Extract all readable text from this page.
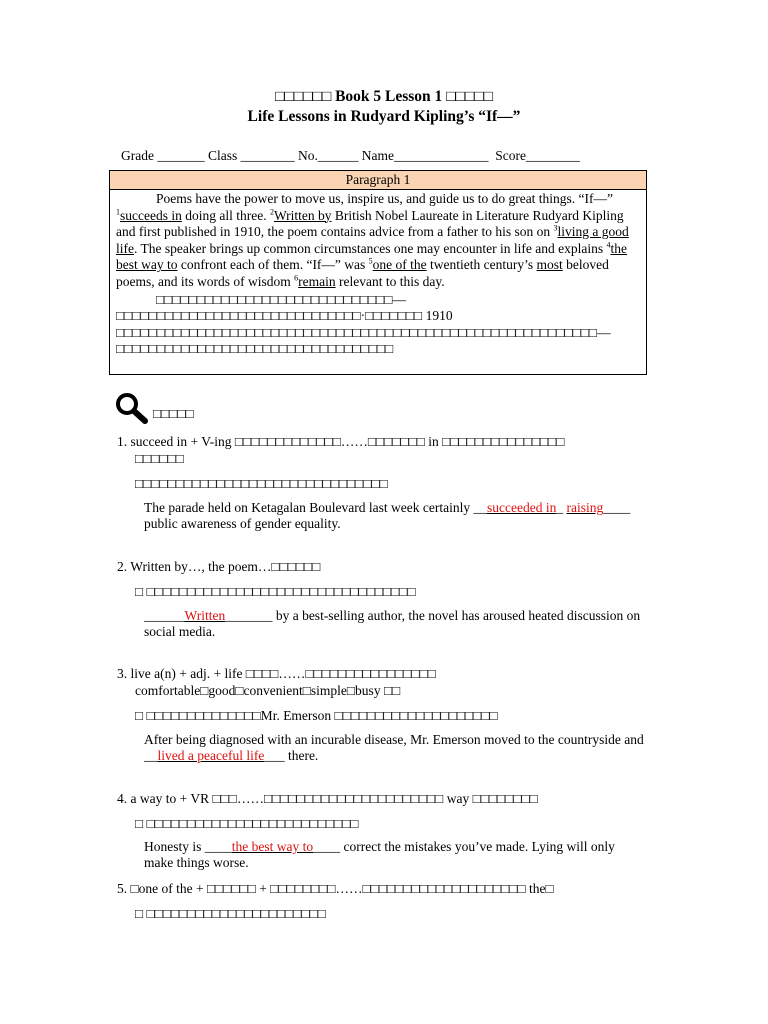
□□□□□□ Book 5 Lesson 1 □□□□□
Life Lessons in Rudyard Kipling’s “If—”
Grade _______ Class ________ No.______ Name______________  Score________
Paragraph 1
Poems have the power to move us, inspire us, and guide us to do great things. “If—” $^1$succeeds in doing all three. $^2$Written by British Nobel Laureate in Literature Rudyard Kipling and first published in 1910, the poem contains advice from a father to his son on $^3$living a good life. The speaker brings up common circumstances one may encounter in life and explains $^4$the best way to confront each of them. “If—” was $^5$one of the twentieth century’s most beloved poems, and its words of wisdom $^6$remain relevant to this day.
□□□□□□□□□□□□□□□□□□□□□□□□□□□□□—□□□□□□□□□□□□□□□□□□□□□□□□□□□□□□·□□□□□□□ 1910 □□□□□□□□□□□□□□□□□□□□□□□□□□□□□□□□□□□□□□□□□□□□□□□□□□□□□□□□□□□—□□□□□□□□□□□□□□□□□□□□□□□□□□□□□□□□□□
□□□□□
1. succeed in + V-ing □□□□□□□□□□□□□……□□□□□□□ in □□□□□□□□□□□□□□□
□□□□□□
□□□□□□□□□□□□□□□□□□□□□□□□□□□□□□□
The parade held on Ketagalan Boulevard last week certainly __succeeded in_ raising____ public awareness of gender equality.
2. Written by…, the poem…□□□□□□
□ □□□□□□□□□□□□□□□□□□□□□□□□□□□□□□□□□
______Written_______ by a best-selling author, the novel has aroused heated discussion on social media.
3. live a(n) + adj. + life □□□□……□□□□□□□□□□□□□□□□
comfortable□good□convenient□simple□busy □□
□ □□□□□□□□□□□□□□Mr. Emerson □□□□□□□□□□□□□□□□□□□□
After being diagnosed with an incurable disease, Mr. Emerson moved to the countryside and __lived a peaceful life___ there.
4. a way to + VR □□□……□□□□□□□□□□□□□□□□□□□□□□ way □□□□□□□□
□ □□□□□□□□□□□□□□□□□□□□□□□□□□
Honesty is ____the best way to____ correct the mistakes you’ve made. Lying will only make things worse.
5. □one of the + □□□□□□ + □□□□□□□□……□□□□□□□□□□□□□□□□□□□□ the□
□ □□□□□□□□□□□□□□□□□□□□□□
